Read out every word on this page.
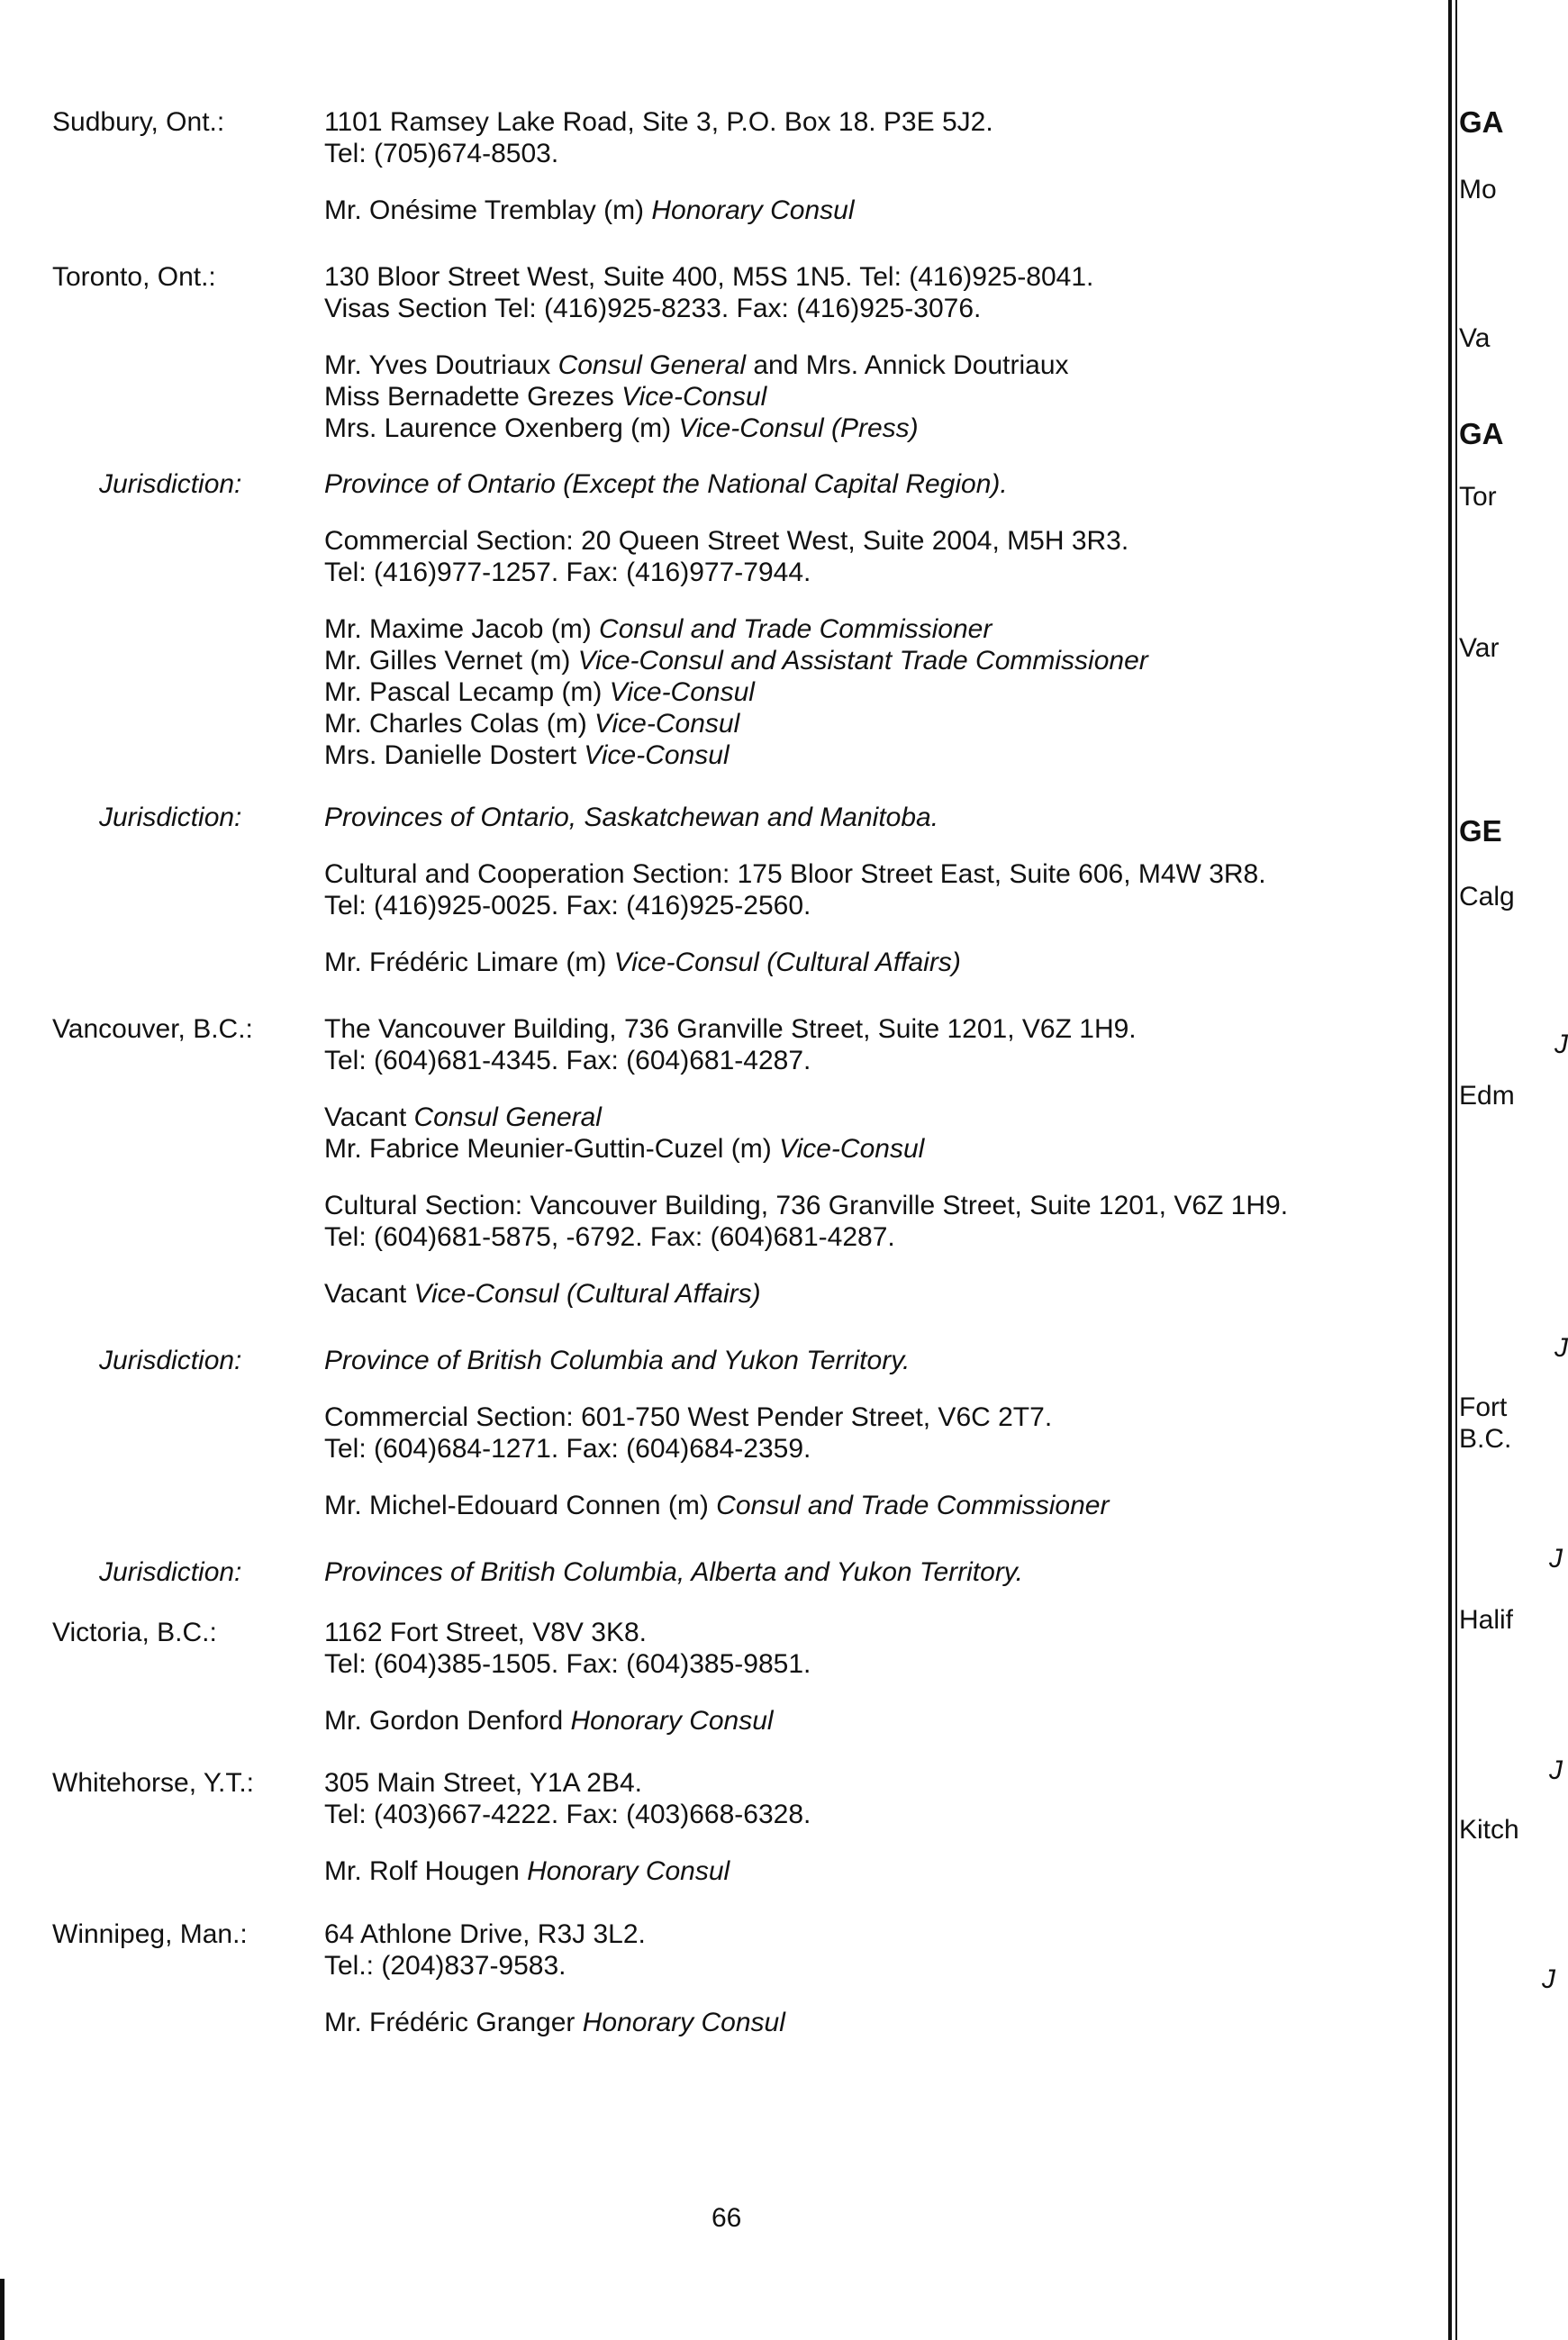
Sudbury, Ont.:	1101 Ramsey Lake Road, Site 3, P.O. Box 18. P3E 5J2.
Tel: (705)674-8503.
Mr. Onésime Tremblay (m) Honorary Consul
Toronto, Ont.:	130 Bloor Street West, Suite 400, M5S 1N5. Tel: (416)925-8041.
Visas Section Tel: (416)925-8233. Fax: (416)925-3076.
Mr. Yves Doutriaux Consul General and Mrs. Annick Doutriaux
Miss Bernadette Grezes Vice-Consul
Mrs. Laurence Oxenberg (m) Vice-Consul (Press)
Jurisdiction:	Province of Ontario (Except the National Capital Region).
Commercial Section: 20 Queen Street West, Suite 2004, M5H 3R3.
Tel: (416)977-1257. Fax: (416)977-7944.
Mr. Maxime Jacob (m) Consul and Trade Commissioner
Mr. Gilles Vernet (m) Vice-Consul and Assistant Trade Commissioner
Mr. Pascal Lecamp (m) Vice-Consul
Mr. Charles Colas (m) Vice-Consul
Mrs. Danielle Dostert Vice-Consul
Jurisdiction:	Provinces of Ontario, Saskatchewan and Manitoba.
Cultural and Cooperation Section: 175 Bloor Street East, Suite 606, M4W 3R8.
Tel: (416)925-0025. Fax: (416)925-2560.
Mr. Frédéric Limare (m) Vice-Consul (Cultural Affairs)
Vancouver, B.C.:	The Vancouver Building, 736 Granville Street, Suite 1201, V6Z 1H9.
Tel: (604)681-4345. Fax: (604)681-4287.
Vacant Consul General
Mr. Fabrice Meunier-Guttin-Cuzel (m) Vice-Consul
Cultural Section: Vancouver Building, 736 Granville Street, Suite 1201, V6Z 1H9.
Tel: (604)681-5875, -6792. Fax: (604)681-4287.
Vacant Vice-Consul (Cultural Affairs)
Jurisdiction:	Province of British Columbia and Yukon Territory.
Commercial Section: 601-750 West Pender Street, V6C 2T7.
Tel: (604)684-1271. Fax: (604)684-2359.
Mr. Michel-Edouard Connen (m) Consul and Trade Commissioner
Jurisdiction:	Provinces of British Columbia, Alberta and Yukon Territory.
Victoria, B.C.:	1162 Fort Street, V8V 3K8.
Tel: (604)385-1505. Fax: (604)385-9851.
Mr. Gordon Denford Honorary Consul
Whitehorse, Y.T.:	305 Main Street, Y1A 2B4.
Tel: (403)667-4222. Fax: (403)668-6328.
Mr. Rolf Hougen Honorary Consul
Winnipeg, Man.:	64 Athlone Drive, R3J 3L2.
Tel.: (204)837-9583.
Mr. Frédéric Granger Honorary Consul
GA
Mo
Va
GA
Tor
Var
GE
Calg
J
Edm
J
Fort
B.C.
J
Halif
J
Kitch
J
66
